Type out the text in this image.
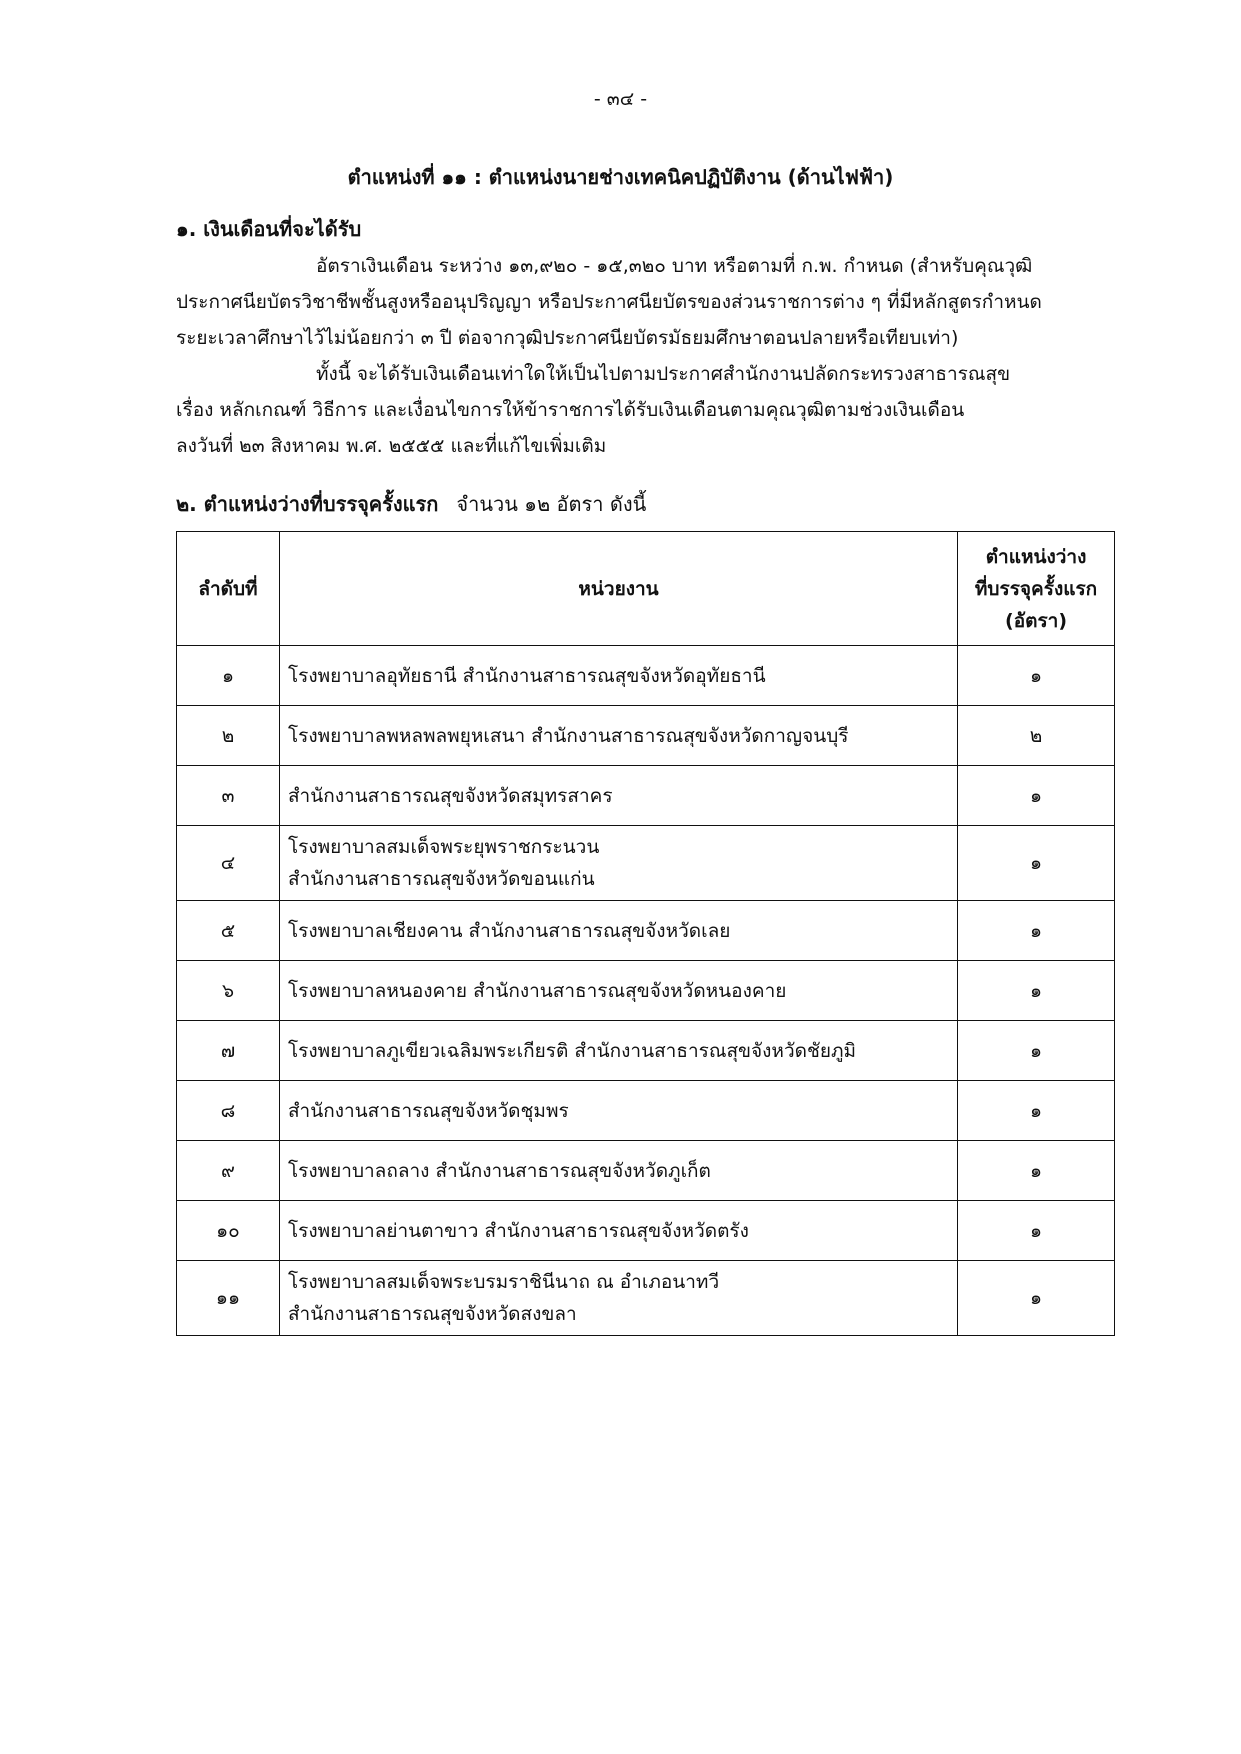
- ๓๔ -
ตำแหน่งที่ ๑๑ : ตำแหน่งนายช่างเทคนิคปฏิบัติงาน (ด้านไฟฟ้า)
๑. เงินเดือนที่จะได้รับ
อัตราเงินเดือน ระหว่าง ๑๓,๙๒๐ - ๑๕,๓๒๐ บาท หรือตามที่ ก.พ. กำหนด (สำหรับคุณวุฒิ
ประกาศนียบัตรวิชาชีพชั้นสูงหรืออนุปริญญา หรือประกาศนียบัตรของส่วนราชการต่าง ๆ ที่มีหลักสูตรกำหนด
ระยะเวลาศึกษาไว้ไม่น้อยกว่า ๓ ปี ต่อจากวุฒิประกาศนียบัตรมัธยมศึกษาตอนปลายหรือเทียบเท่า)
ทั้งนี้ จะได้รับเงินเดือนเท่าใดให้เป็นไปตามประกาศสำนักงานปลัดกระทรวงสาธารณสุข
เรื่อง หลักเกณฑ์ วิธีการ และเงื่อนไขการให้ข้าราชการได้รับเงินเดือนตามคุณวุฒิตามช่วงเงินเดือน
ลงวันที่ ๒๓ สิงหาคม พ.ศ. ๒๕๕๕ และที่แก้ไขเพิ่มเติม
๒. ตำแหน่งว่างที่บรรจุครั้งแรก จำนวน ๑๒ อัตรา ดังนี้
ลำดับที่	หน่วยงาน	ตำแหน่งว่าง
ที่บรรจุครั้งแรก
(อัตรา)

๑	โรงพยาบาลอุทัยธานี สำนักงานสาธารณสุขจังหวัดอุทัยธานี	๑
๒	โรงพยาบาลพหลพลพยุหเสนา สำนักงานสาธารณสุขจังหวัดกาญจนบุรี	๒
๓	สำนักงานสาธารณสุขจังหวัดสมุทรสาคร	๑
๔	โรงพยาบาลสมเด็จพระยุพราชกระนวน
สำนักงานสาธารณสุขจังหวัดขอนแก่น	๑
๕	โรงพยาบาลเชียงคาน สำนักงานสาธารณสุขจังหวัดเลย	๑
๖	โรงพยาบาลหนองคาย สำนักงานสาธารณสุขจังหวัดหนองคาย	๑
๗	โรงพยาบาลภูเขียวเฉลิมพระเกียรติ สำนักงานสาธารณสุขจังหวัดชัยภูมิ	๑
๘	สำนักงานสาธารณสุขจังหวัดชุมพร	๑
๙	โรงพยาบาลถลาง สำนักงานสาธารณสุขจังหวัดภูเก็ต	๑
๑๐	โรงพยาบาลย่านตาขาว สำนักงานสาธารณสุขจังหวัดตรัง	๑
๑๑	โรงพยาบาลสมเด็จพระบรมราชินีนาถ ณ อำเภอนาทวี
สำนักงานสาธารณสุขจังหวัดสงขลา	๑
